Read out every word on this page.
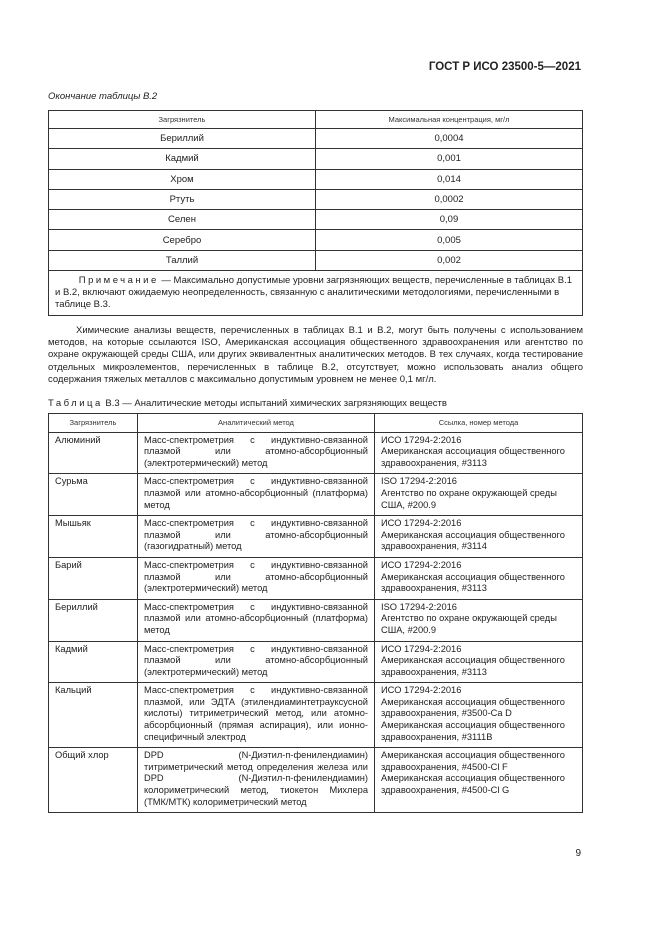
ГОСТ Р ИСО 23500-5—2021
Окончание таблицы В.2
Загрязнитель	Максимальная концентрация, мг/л
Бериллий	0,0004
Кадмий	0,001
Хром	0,014
Ртуть	0,0002
Селен	0,09
Серебро	0,005
Таллий	0,002
Примечание — Максимально допустимые уровни загрязняющих веществ, перечисленные в таблицах В.1 и В.2, включают ожидаемую неопределенность, связанную с аналитическими методологиями, перечисленными в таблице В.3.	

Химические анализы веществ, перечисленных в таблицах В.1 и В.2, могут быть получены с использованием методов, на которые ссылаются ISO, Американская ассоциация общественного здравоохранения или агентство по охране окружающей среды США, или других эквивалентных аналитических методов. В тех случаях, когда тестирование отдельных микроэлементов, перечисленных в таблице В.2, отсутствует, можно использовать анализ общего содержания тяжелых металлов с максимально допустимым уровнем не менее 0,1 мг/л.

Таблица В.3 — Аналитические методы испытаний химических загрязняющих веществ
Загрязнитель	Аналитический метод	Ссылка, номер метода
Алюминий	Масс-спектрометрия с индуктивно-связанной плазмой или атомно-абсорбционный (электротермический) метод	ИСО 17294-2:2016
Американская ассоциация общественного здравоохранения, #3113
Сурьма	Масс-спектрометрия с индуктивно-связанной плазмой или атомно-абсорбционный (платформа) метод	ISO 17294-2:2016
Агентство по охране окружающей среды США, #200.9
Мышьяк	Масс-спектрометрия с индуктивно-связанной плазмой или атомно-абсорбционный (газогидратный) метод	ИСО 17294-2:2016
Американская ассоциация общественного здравоохранения, #3114
Барий	Масс-спектрометрия с индуктивно-связанной плазмой или атомно-абсорбционный (электротермический) метод	ИСО 17294-2:2016
Американская ассоциация общественного здравоохранения, #3113
Бериллий	Масс-спектрометрия с индуктивно-связанной плазмой или атомно-абсорбционный (платформа) метод	ISO 17294-2:2016
Агентство по охране окружающей среды США, #200.9
Кадмий	Масс-спектрометрия с индуктивно-связанной плазмой или атомно-абсорбционный (электротермический) метод	ИСО 17294-2:2016
Американская ассоциация общественного здравоохранения, #3113
Кальций	Масс-спектрометрия с индуктивно-связанной плазмой, или ЭДТА (этилендиаминтетрауксусной кислоты) титриметрический метод, или атомно-абсорбционный (прямая аспирация), или ионно-специфичный электрод	ИСО 17294-2:2016
Американская ассоциация общественного здравоохранения, #3500-Ca D
Американская ассоциация общественного здравоохранения, #3111B
Общий хлор	DPD (N-Диэтил-п-фенилендиамин) титриметрический метод определения железа или DPD (N-Диэтил-п-фенилендиамин) колориметрический метод, тиокетон Михлера (ТМК/МТК) колориметрический метод	Американская ассоциация общественного здравоохранения, #4500-Cl F
Американская ассоциация общественного здравоохранения, #4500-Cl G
9
